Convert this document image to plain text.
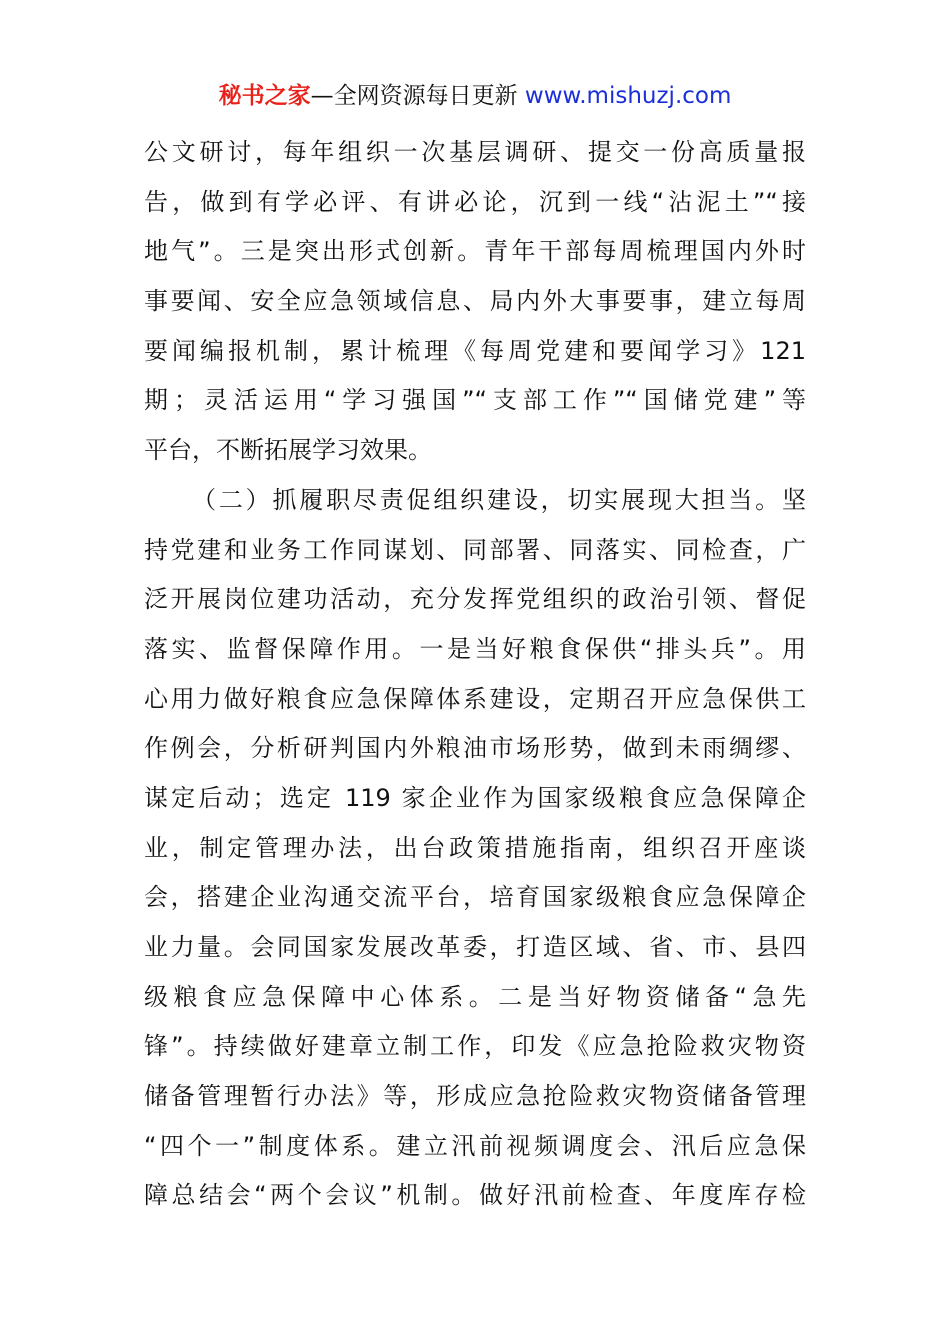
秘书之家—全网资源每日更新 www.mishuzj.com
公文研讨，每年组织一次基层调研、提交一份高质量报
告，做到有学必评、有讲必论，沉到一线“沾泥土”“接
地气”。三是突出形式创新。青年干部每周梳理国内外时
事要闻、安全应急领域信息、局内外大事要事，建立每周
要闻编报机制，累计梳理《每周党建和要闻学习》121
期；灵活运用“学习强国”“支部工作”“国储党建”等
平台，不断拓展学习效果。
（二）抓履职尽责促组织建设，切实展现大担当。坚
持党建和业务工作同谋划、同部署、同落实、同检查，广
泛开展岗位建功活动，充分发挥党组织的政治引领、督促
落实、监督保障作用。一是当好粮食保供“排头兵”。用
心用力做好粮食应急保障体系建设，定期召开应急保供工
作例会，分析研判国内外粮油市场形势，做到未雨绸缪、
谋定后动；选定 119 家企业作为国家级粮食应急保障企
业，制定管理办法，出台政策措施指南，组织召开座谈
会，搭建企业沟通交流平台，培育国家级粮食应急保障企
业力量。会同国家发展改革委，打造区域、省、市、县四
级粮食应急保障中心体系。二是当好物资储备“急先
锋”。持续做好建章立制工作，印发《应急抢险救灾物资
储备管理暂行办法》等，形成应急抢险救灾物资储备管理
“四个一”制度体系。建立汛前视频调度会、汛后应急保
障总结会“两个会议”机制。做好汛前检查、年度库存检
